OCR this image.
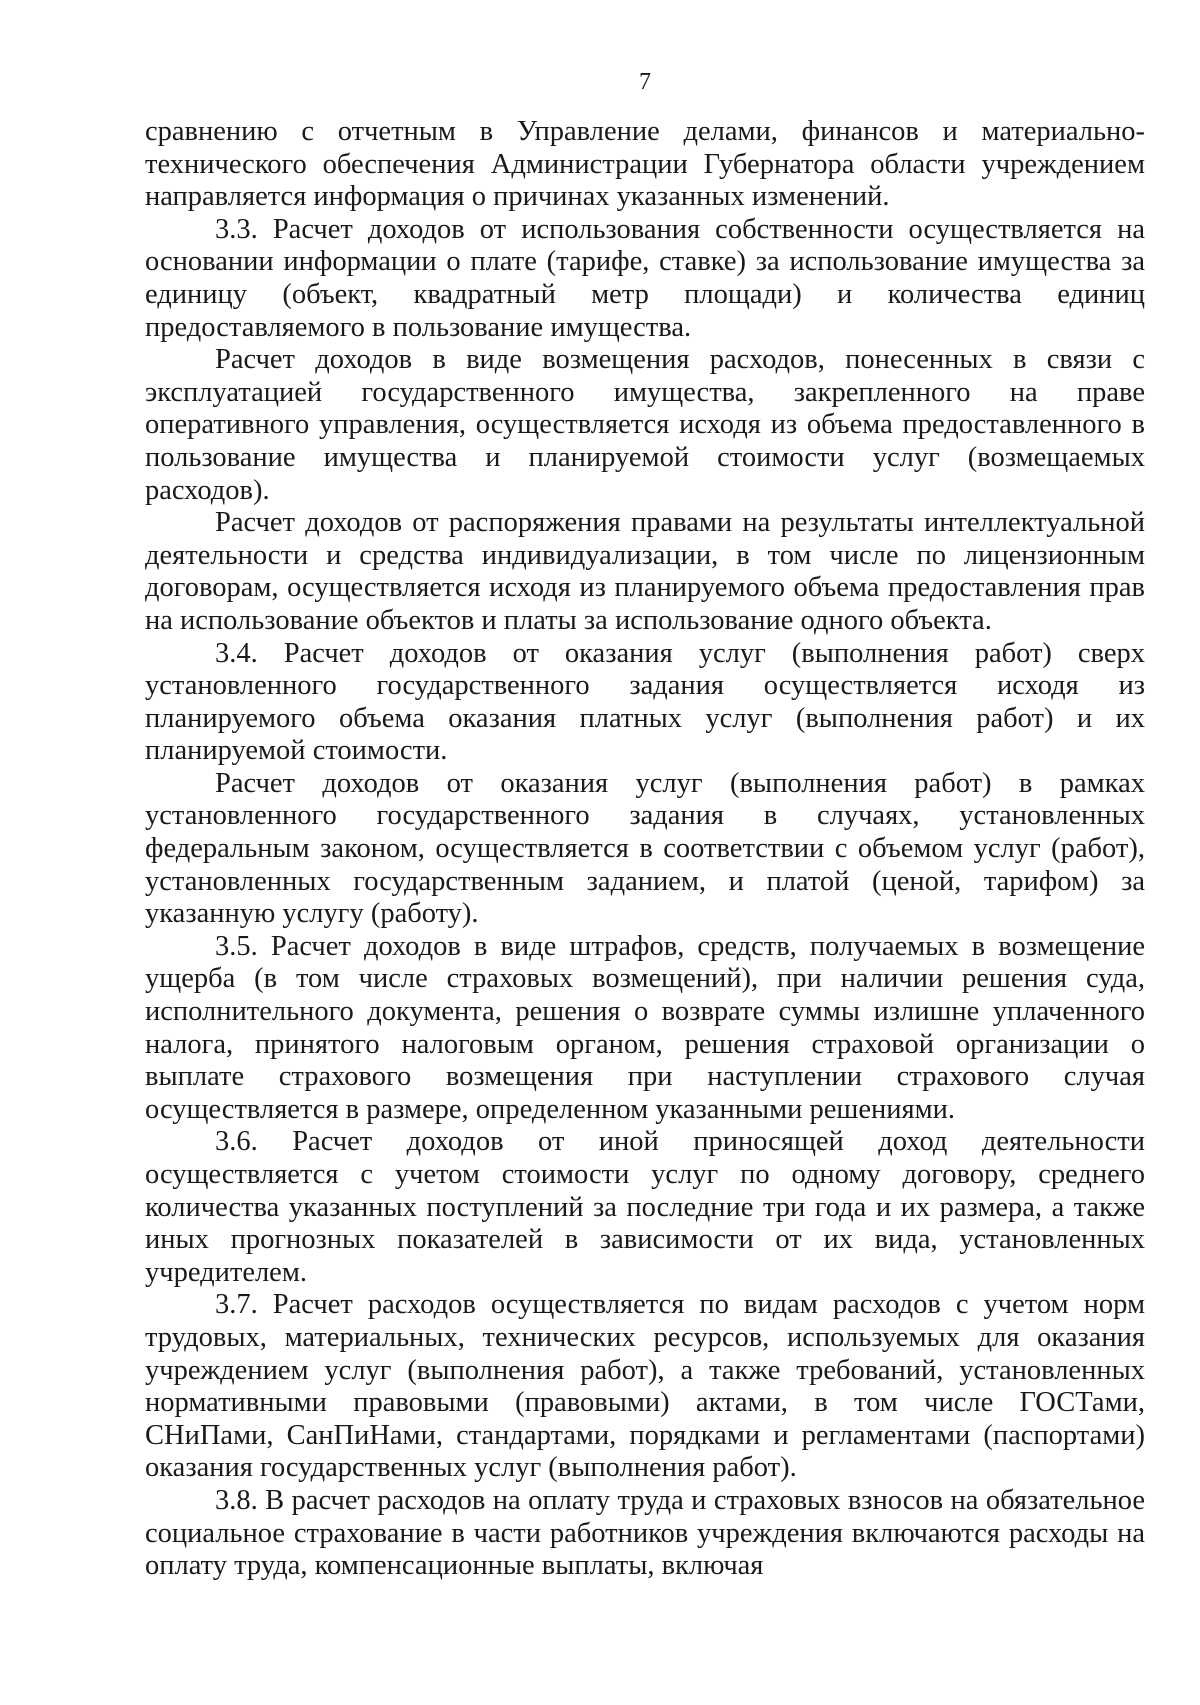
7

сравнению с отчетным в Управление делами, финансов и материально-технического обеспечения Администрации Губернатора области учреждением направляется информация о причинах указанных изменений.

3.3. Расчет доходов от использования собственности осуществляется на основании информации о плате (тарифе, ставке) за использование имущества за единицу (объект, квадратный метр площади) и количества единиц предоставляемого в пользование имущества.

Расчет доходов в виде возмещения расходов, понесенных в связи с эксплуатацией государственного имущества, закрепленного на праве оперативного управления, осуществляется исходя из объема предоставленного в пользование имущества и планируемой стоимости услуг (возмещаемых расходов).

Расчет доходов от распоряжения правами на результаты интеллектуальной деятельности и средства индивидуализации, в том числе по лицензионным договорам, осуществляется исходя из планируемого объема предоставления прав на использование объектов и платы за использование одного объекта.

3.4. Расчет доходов от оказания услуг (выполнения работ) сверх установленного государственного задания осуществляется исходя из планируемого объема оказания платных услуг (выполнения работ) и их планируемой стоимости.

Расчет доходов от оказания услуг (выполнения работ) в рамках установленного государственного задания в случаях, установленных федеральным законом, осуществляется в соответствии с объемом услуг (работ), установленных государственным заданием, и платой (ценой, тарифом) за указанную услугу (работу).

3.5. Расчет доходов в виде штрафов, средств, получаемых в возмещение ущерба (в том числе страховых возмещений), при наличии решения суда, исполнительного документа, решения о возврате суммы излишне уплаченного налога, принятого налоговым органом, решения страховой организации о выплате страхового возмещения при наступлении страхового случая осуществляется в размере, определенном указанными решениями.

3.6. Расчет доходов от иной приносящей доход деятельности осуществляется с учетом стоимости услуг по одному договору, среднего количества указанных поступлений за последние три года и их размера, а также иных прогнозных показателей в зависимости от их вида, установленных учредителем.

3.7. Расчет расходов осуществляется по видам расходов с учетом норм трудовых, материальных, технических ресурсов, используемых для оказания учреждением услуг (выполнения работ), а также требований, установленных нормативными правовыми (правовыми) актами, в том числе ГОСТами, СНиПами, СанПиНами, стандартами, порядками и регламентами (паспортами) оказания государственных услуг (выполнения работ).

3.8. В расчет расходов на оплату труда и страховых взносов на обязательное социальное страхование в части работников учреждения включаются расходы на оплату труда, компенсационные выплаты, включая
